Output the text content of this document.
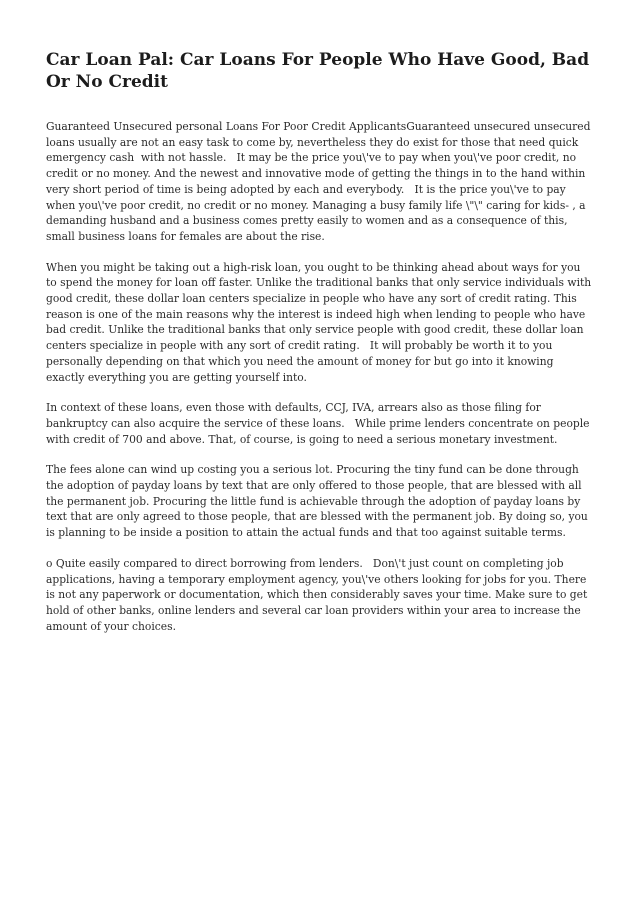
Car Loan Pal: Car Loans For People Who Have Good, Bad Or No Credit

Guaranteed Unsecured personal Loans For Poor Credit ApplicantsGuaranteed unsecured unsecured loans usually are not an easy task to come by, nevertheless they do exist for those that need quick emergency cash  with not hassle.   It may be the price you\'ve to pay when you\'ve poor credit, no credit or no money. And the newest and innovative mode of getting the things in to the hand within very short period of time is being adopted by each and everybody.   It is the price you\'ve to pay when you\'ve poor credit, no credit or no money. Managing a busy family life \"\" caring for kids- , a demanding husband and a business comes pretty easily to women and as a consequence of this, small business loans for females are about the rise.

When you might be taking out a high-risk loan, you ought to be thinking ahead about ways for you to spend the money for loan off faster. Unlike the traditional banks that only service individuals with good credit, these dollar loan centers specialize in people who have any sort of credit rating. This reason is one of the main reasons why the interest is indeed high when lending to people who have bad credit. Unlike the traditional banks that only service people with good credit, these dollar loan centers specialize in people with any sort of credit rating.   It will probably be worth it to you personally depending on that which you need the amount of money for but go into it knowing exactly everything you are getting yourself into.

In context of these loans, even those with defaults, CCJ, IVA, arrears also as those filing for bankruptcy can also acquire the service of these loans.   While prime lenders concentrate on people with credit of 700 and above. That, of course, is going to need a serious monetary investment.

The fees alone can wind up costing you a serious lot. Procuring the tiny fund can be done through the adoption of payday loans by text that are only offered to those people, that are blessed with all the permanent job. Procuring the little fund is achievable through the adoption of payday loans by text that are only agreed to those people, that are blessed with the permanent job. By doing so, you is planning to be inside a position to attain the actual funds and that too against suitable terms.

o Quite easily compared to direct borrowing from lenders.   Don\'t just count on completing job applications, having a temporary employment agency, you\'ve others looking for jobs for you. There is not any paperwork or documentation, which then considerably saves your time. Make sure to get hold of other banks, online lenders and several car loan providers within your area to increase the amount of your choices.
